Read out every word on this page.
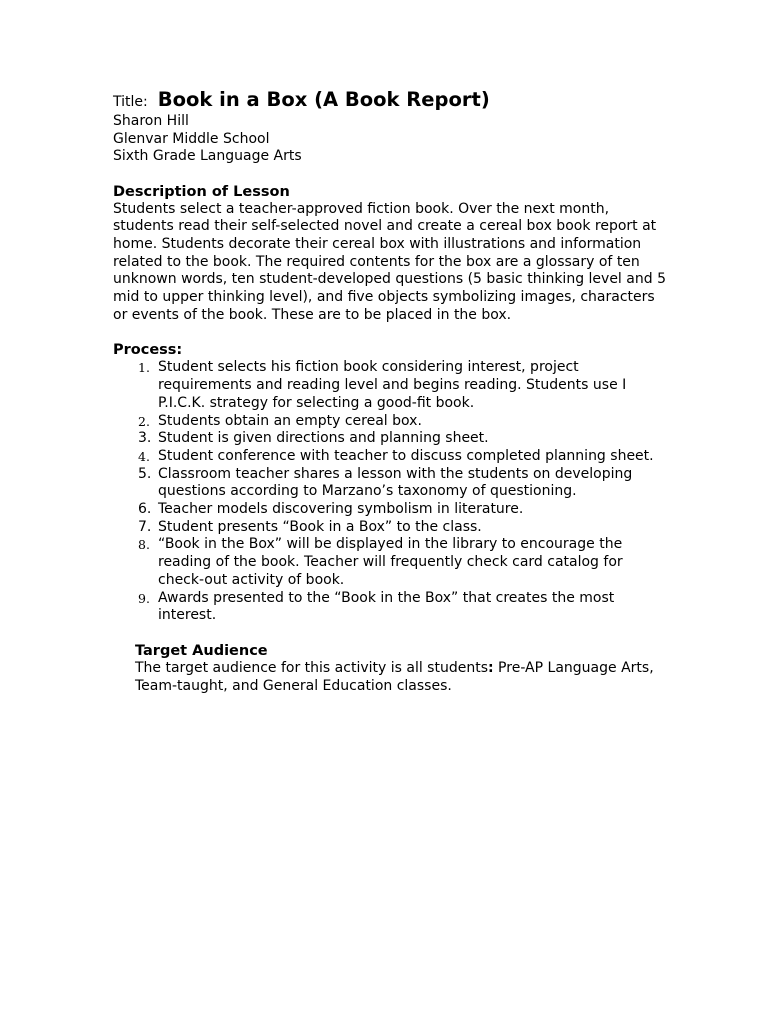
Title: Book in a Box (A Book Report)
Sharon Hill
Glenvar Middle School
Sixth Grade Language Arts
Description of Lesson
Students select a teacher-approved fiction book. Over the next month, students read their self-selected novel and create a cereal box book report at home. Students decorate their cereal box with illustrations and information related to the book. The required contents for the box are a glossary of ten unknown words, ten student-developed questions (5 basic thinking level and 5 mid to upper thinking level), and five objects symbolizing images, characters or events of the book. These are to be placed in the box.
Process:
1. Student selects his fiction book considering interest, project requirements and reading level and begins reading. Students use I P.I.C.K. strategy for selecting a good-fit book.
2. Students obtain an empty cereal box.
3. Student is given directions and planning sheet.
4. Student conference with teacher to discuss completed planning sheet.
5. Classroom teacher shares a lesson with the students on developing questions according to Marzano’s taxonomy of questioning.
6. Teacher models discovering symbolism in literature.
7. Student presents “Book in a Box” to the class.
8. “Book in the Box” will be displayed in the library to encourage the reading of the book. Teacher will frequently check card catalog for check-out activity of book.
9. Awards presented to the “Book in the Box” that creates the most interest.
Target Audience
The target audience for this activity is all students: Pre-AP Language Arts, Team-taught, and General Education classes.
